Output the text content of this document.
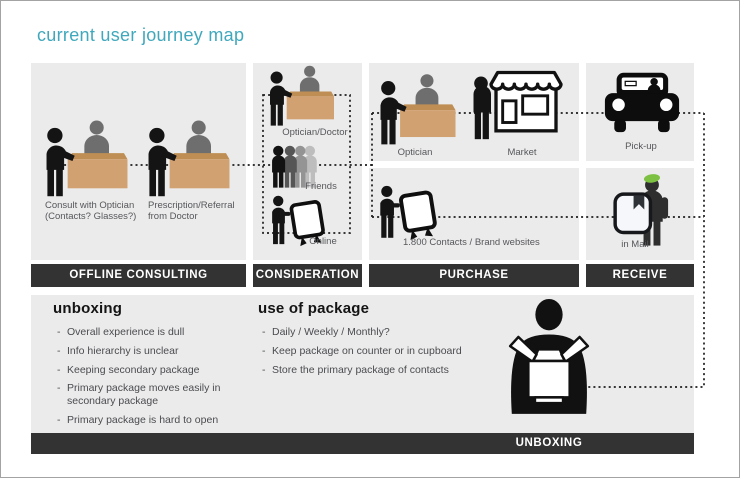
current user journey map
Consult with Optician (Contacts? Glasses?)
Prescription/Referral from Doctor
Optician/Doctor
Friends
Online
Optician	Market
1.800 Contacts / Brand websites
Pick-up
in Mail
OFFLINE CONSULTING	CONSIDERATION	PURCHASE	RECEIVE
unboxing
- Overall experience is dull
- Info hierarchy is unclear
- Keeping secondary package
- Primary package moves easily in secondary package
- Primary package is hard to open
use of package
- Daily / Weekly / Monthly?
- Keep package on counter or in cupboard
- Store the primary package of contacts
UNBOXING
